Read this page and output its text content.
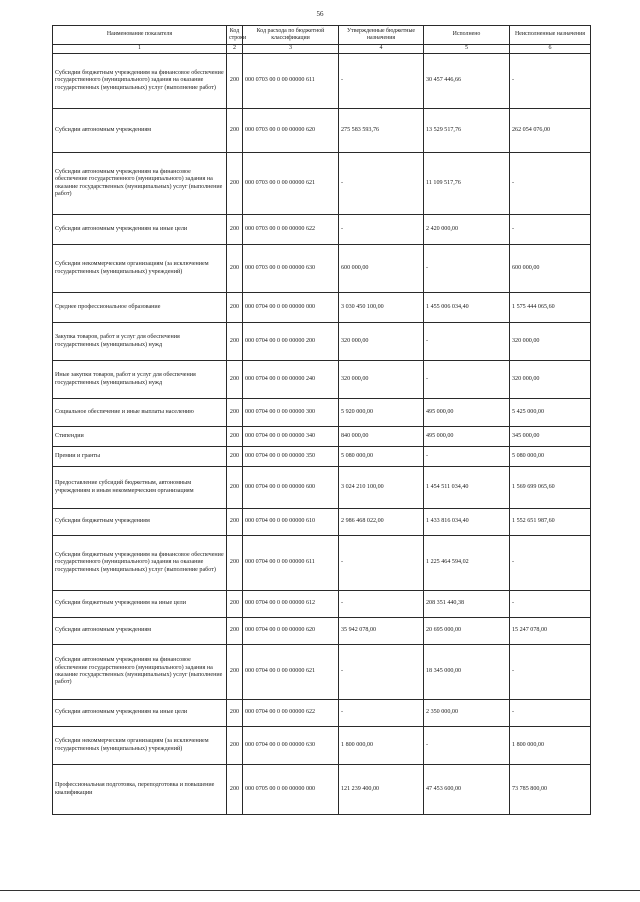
56
Наименование показателя	Код строки	Код расхода по бюджетной классификации	Утвержденные бюджетные назначения	Исполнено	Неисполненные назначения
1	2	3	4	5	6
Субсидии бюджетным учреждениям на финансовое обеспечение государственного (муниципального) задания на оказание государственных (муниципальных) услуг (выполнение работ)	200	000 0703 00 0 00 00000 611	-	30 457 446,66	-
Субсидии автономным учреждениям	200	000 0703 00 0 00 00000 620	275 583 593,76	13 529 517,76	262 054 076,00
Субсидии автономным учреждениям на финансовое обеспечение государственного (муниципального) задания на оказание государственных (муниципальных) услуг (выполнение работ)	200	000 0703 00 0 00 00000 621	-	11 109 517,76	-
Субсидии автономным учреждениям на иные цели	200	000 0703 00 0 00 00000 622	-	2 420 000,00	-
Субсидии некоммерческим организациям (за исключением государственных (муниципальных) учреждений)	200	000 0703 00 0 00 00000 630	600 000,00	-	600 000,00
Среднее профессиональное образование	200	000 0704 00 0 00 00000 000	3 030 450 100,00	1 455 006 034,40	1 575 444 065,60
Закупка товаров, работ и услуг для обеспечения государственных (муниципальных) нужд	200	000 0704 00 0 00 00000 200	320 000,00	-	320 000,00
Иные закупки товаров, работ и услуг для обеспечения государственных (муниципальных) нужд	200	000 0704 00 0 00 00000 240	320 000,00	-	320 000,00
Социальное обеспечение и иные выплаты населению	200	000 0704 00 0 00 00000 300	5 920 000,00	495 000,00	5 425 000,00
Стипендии	200	000 0704 00 0 00 00000 340	840 000,00	495 000,00	345 000,00
Премии и гранты	200	000 0704 00 0 00 00000 350	5 080 000,00	-	5 080 000,00
Предоставление субсидий бюджетным, автономным учреждениям и иным некоммерческим организациям	200	000 0704 00 0 00 00000 600	3 024 210 100,00	1 454 511 034,40	1 569 699 065,60
Субсидии бюджетным учреждениям	200	000 0704 00 0 00 00000 610	2 986 468 022,00	1 433 816 034,40	1 552 651 987,60
Субсидии бюджетным учреждениям на финансовое обеспечение государственного (муниципального) задания на оказание государственных (муниципальных) услуг (выполнение работ)	200	000 0704 00 0 00 00000 611	-	1 225 464 594,02	-
Субсидии бюджетным учреждениям на иные цели	200	000 0704 00 0 00 00000 612	-	208 351 440,38	-
Субсидии автономным учреждениям	200	000 0704 00 0 00 00000 620	35 942 078,00	20 695 000,00	15 247 078,00
Субсидии автономным учреждениям на финансовое обеспечение государственного (муниципального) задания на оказание государственных (муниципальных) услуг (выполнение работ)	200	000 0704 00 0 00 00000 621	-	18 345 000,00	-
Субсидии автономным учреждениям на иные цели	200	000 0704 00 0 00 00000 622	-	2 350 000,00	-
Субсидии некоммерческим организациям (за исключением государственных (муниципальных) учреждений)	200	000 0704 00 0 00 00000 630	1 800 000,00	-	1 800 000,00
Профессиональная подготовка, переподготовка и повышение квалификации	200	000 0705 00 0 00 00000 000	121 239 400,00	47 453 600,00	73 785 800,00
